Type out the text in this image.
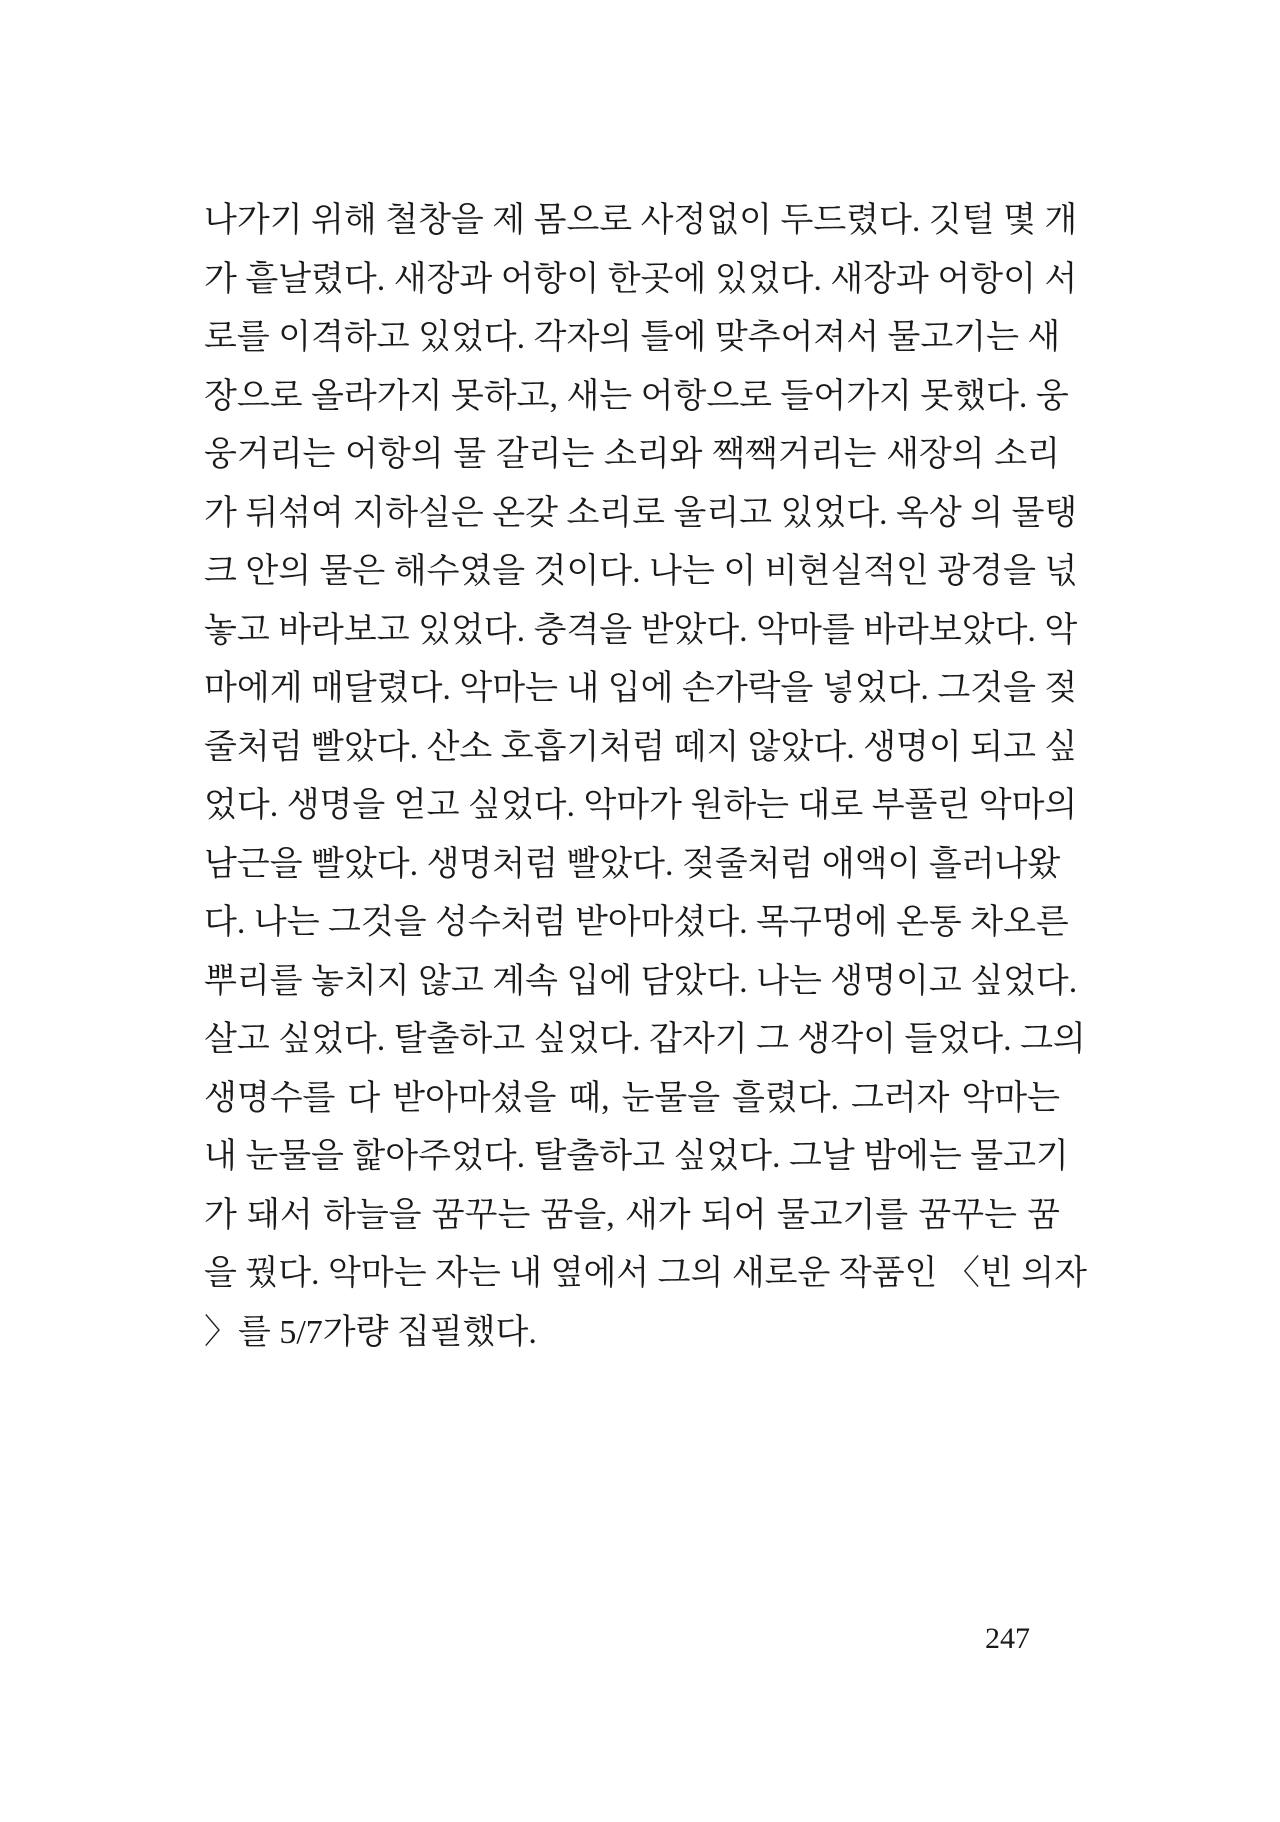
나가기 위해 철창을 제 몸으로 사정없이 두드렸다. 깃털 몇 개
가 흩날렸다. 새장과 어항이 한곳에 있었다. 새장과 어항이 서
로를 이격하고 있었다. 각자의 틀에 맞추어져서 물고기는 새
장으로 올라가지 못하고, 새는 어항으로 들어가지 못했다. 웅
웅거리는 어항의 물 갈리는 소리와 짹짹거리는 새장의 소리
가 뒤섞여 지하실은 온갖 소리로 울리고 있었다. 옥상 의 물탱
크 안의 물은 해수였을 것이다. 나는 이 비현실적인 광경을 넋
놓고 바라보고 있었다. 충격을 받았다. 악마를 바라보았다. 악
마에게 매달렸다. 악마는 내 입에 손가락을 넣었다. 그것을 젖
줄처럼 빨았다. 산소 호흡기처럼 떼지 않았다. 생명이 되고 싶
었다. 생명을 얻고 싶었다. 악마가 원하는 대로 부풀린 악마의
남근을 빨았다. 생명처럼 빨았다. 젖줄처럼 애액이 흘러나왔
다. 나는 그것을 성수처럼 받아마셨다. 목구멍에 온통 차오른
뿌리를 놓치지 않고 계속 입에 담았다. 나는 생명이고 싶었다.
살고 싶었다. 탈출하고 싶었다. 갑자기 그 생각이 들었다. 그의
생명수를 다 받아마셨을 때, 눈물을 흘렸다. 그러자 악마는
내 눈물을 핥아주었다. 탈출하고 싶었다. 그날 밤에는 물고기
가 돼서 하늘을 꿈꾸는 꿈을, 새가 되어 물고기를 꿈꾸는 꿈
을 꿨다. 악마는 자는 내 옆에서 그의 새로운 작품인 〈빈 의자
〉를 5/7가량 집필했다.
247
